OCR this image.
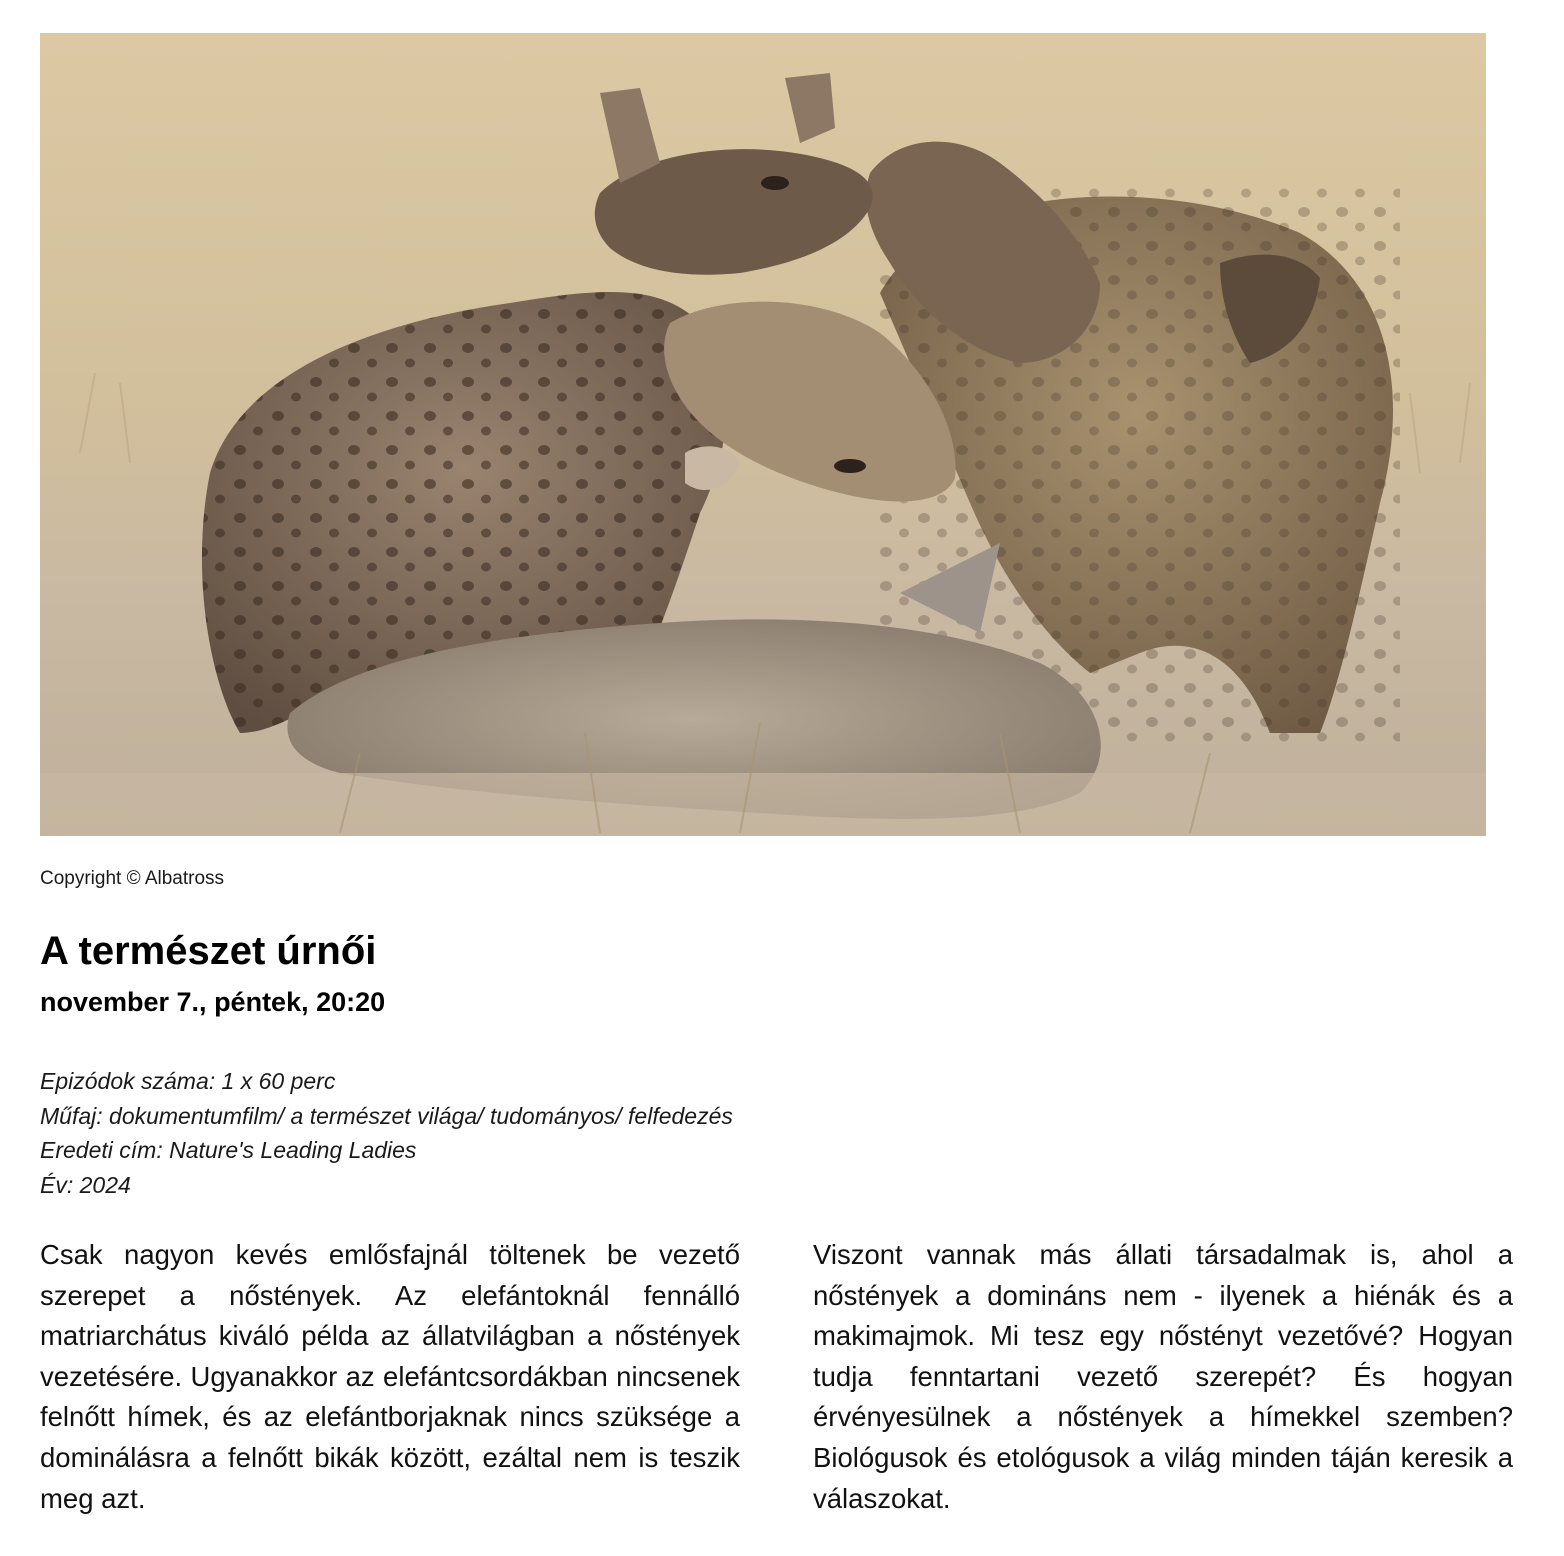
Copyright © Albatross
A természet úrnői
november 7., péntek, 20:20
Epizódok száma: 1 x 60 perc
Műfaj: dokumentumfilm/ a természet világa/ tudományos/ felfedezés
Eredeti cím: Nature's Leading Ladies
Év: 2024

Csak nagyon kevés emlősfajnál töltenek be vezető szerepet a nőstények. Az elefántoknál fennálló matriarchátus kiváló példa az állatvilágban a nőstények vezetésére. Ugyanakkor az elefántcsordákban nincsenek felnőtt hímek, és az elefántborjaknak nincs szüksége a dominálásra a felnőtt bikák között, ezáltal nem is teszik meg azt.

Viszont vannak más állati társadalmak is, ahol a nőstények a domináns nem - ilyenek a hiénák és a makimajmok. Mi tesz egy nőstényt vezetővé? Hogyan tudja fenntartani vezető szerepét? És hogyan érvényesülnek a nőstények a hímekkel szemben? Biológusok és etológusok a világ minden táján keresik a válaszokat.
